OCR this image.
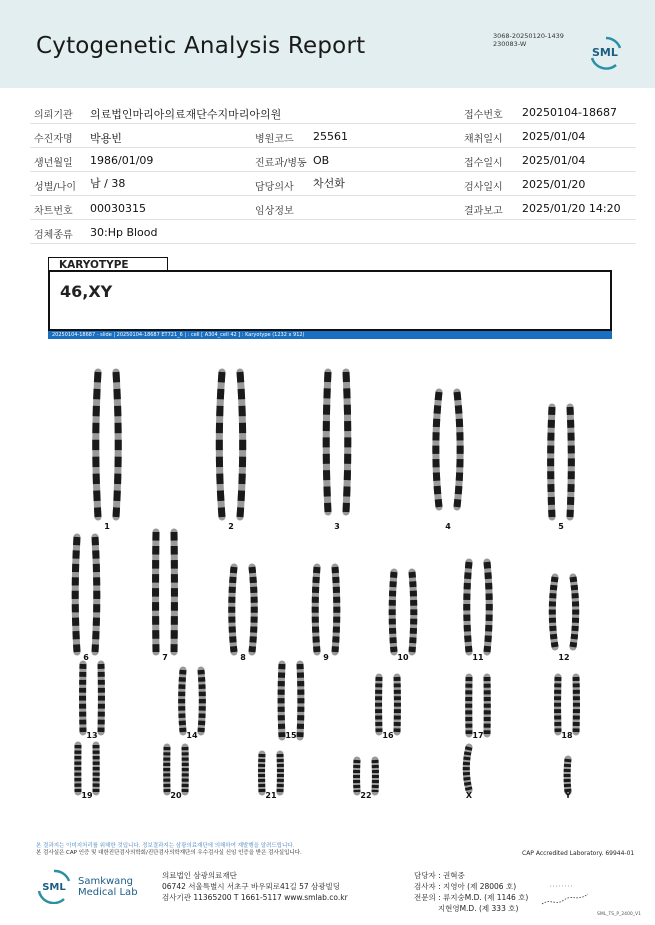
Cytogenetic Analysis Report	3068-20250120-1439
230083-W
SML
의뢰기관 의료법인마리아의료재단수지마리아의원	접수번호 20250104-18687
수진자명 박용빈	병원코드 25561	채취일시 2025/01/04
생년월일 1986/01/09	진료과/병동 OB	접수일시 2025/01/04
성별/나이 남 / 38	담당의사 차선화	검사일시 2025/01/20
차트번호 00030315	임상정보	결과보고 2025/01/20 14:20
검체종류 30:Hp Blood
KARYOTYPE
46,XY
20250104-18687 - slide | 20250104-18687 ET721_6 | : cell [ A304_cell 42 ] : Karyotype (1232 x 912)
1	2	3	4	5
6	7	8	9	10	11	12
13	14	15	16	17	18
19	20	21	22	X	Y
본 결과지는 이미지처리를 위해한 것입니다. 정보결과지는 삼광의료재단에 의해하여 재발행을 알려드립니다.
본 검사실은 CAP 인증 및 대한진단검사의학회/진단검사의학재단의 우수검사실 신임 인증을 받은 검사실입니다.	CAP Accredited Laboratory. 69944-01
SML
Samkwang
Medical Lab
의료법인 삼광의료재단
06742 서울특별시 서초구 바우뫼로41길 57 삼광빌딩
검사기관 11365200 T 1661-5117 www.smlab.co.kr
담당자 : 권혁중
검사자 : 지영아 (제 28006 호)
전문의 : 류지숭M.D. (제 1146 호)
지현영M.D. (제 333 호)
SML_TS_P_2400_V1
